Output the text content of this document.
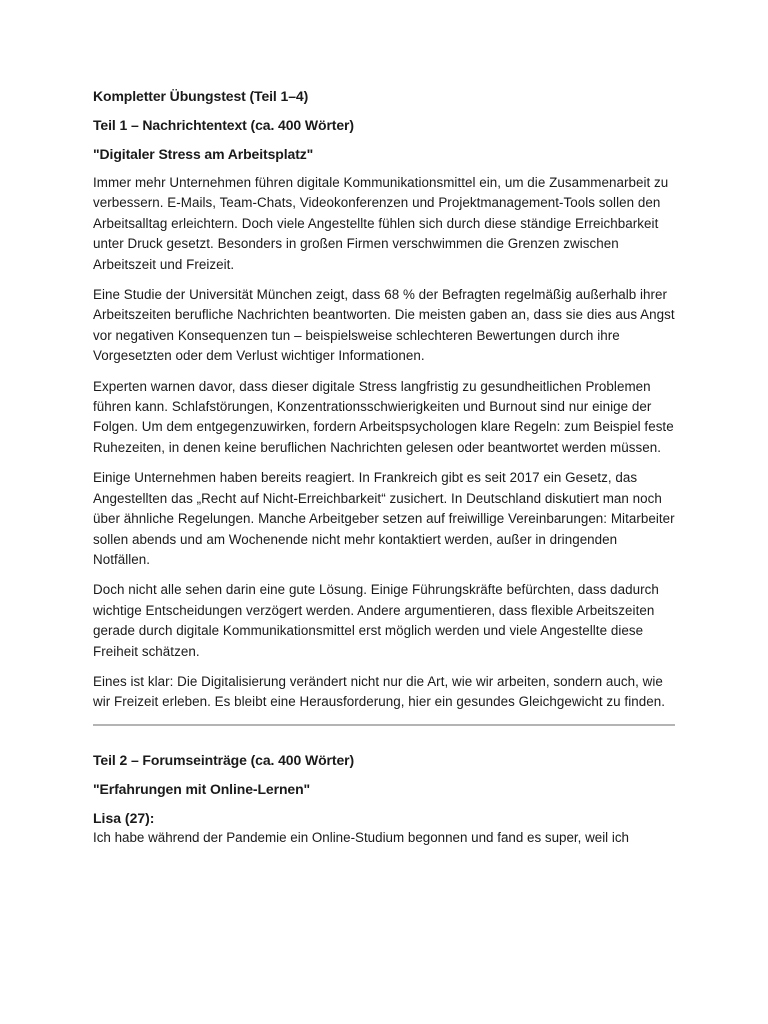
Kompletter Übungstest (Teil 1–4)

Teil 1 – Nachrichtentext (ca. 400 Wörter)

"Digitaler Stress am Arbeitsplatz"

Immer mehr Unternehmen führen digitale Kommunikationsmittel ein, um die Zusammenarbeit zu verbessern. E-Mails, Team-Chats, Videokonferenzen und Projektmanagement-Tools sollen den Arbeitsalltag erleichtern. Doch viele Angestellte fühlen sich durch diese ständige Erreichbarkeit unter Druck gesetzt. Besonders in großen Firmen verschwimmen die Grenzen zwischen Arbeitszeit und Freizeit.

Eine Studie der Universität München zeigt, dass 68 % der Befragten regelmäßig außerhalb ihrer Arbeitszeiten berufliche Nachrichten beantworten. Die meisten gaben an, dass sie dies aus Angst vor negativen Konsequenzen tun – beispielsweise schlechteren Bewertungen durch ihre Vorgesetzten oder dem Verlust wichtiger Informationen.

Experten warnen davor, dass dieser digitale Stress langfristig zu gesundheitlichen Problemen führen kann. Schlafstörungen, Konzentrationsschwierigkeiten und Burnout sind nur einige der Folgen. Um dem entgegenzuwirken, fordern Arbeitspsychologen klare Regeln: zum Beispiel feste Ruhezeiten, in denen keine beruflichen Nachrichten gelesen oder beantwortet werden müssen.

Einige Unternehmen haben bereits reagiert. In Frankreich gibt es seit 2017 ein Gesetz, das Angestellten das „Recht auf Nicht-Erreichbarkeit“ zusichert. In Deutschland diskutiert man noch über ähnliche Regelungen. Manche Arbeitgeber setzen auf freiwillige Vereinbarungen: Mitarbeiter sollen abends und am Wochenende nicht mehr kontaktiert werden, außer in dringenden Notfällen.

Doch nicht alle sehen darin eine gute Lösung. Einige Führungskräfte befürchten, dass dadurch wichtige Entscheidungen verzögert werden. Andere argumentieren, dass flexible Arbeitszeiten gerade durch digitale Kommunikationsmittel erst möglich werden und viele Angestellte diese Freiheit schätzen.

Eines ist klar: Die Digitalisierung verändert nicht nur die Art, wie wir arbeiten, sondern auch, wie wir Freizeit erleben. Es bleibt eine Herausforderung, hier ein gesundes Gleichgewicht zu finden.

Teil 2 – Forumseinträge (ca. 400 Wörter)

"Erfahrungen mit Online-Lernen"

Lisa (27):

Ich habe während der Pandemie ein Online-Studium begonnen und fand es super, weil ich
